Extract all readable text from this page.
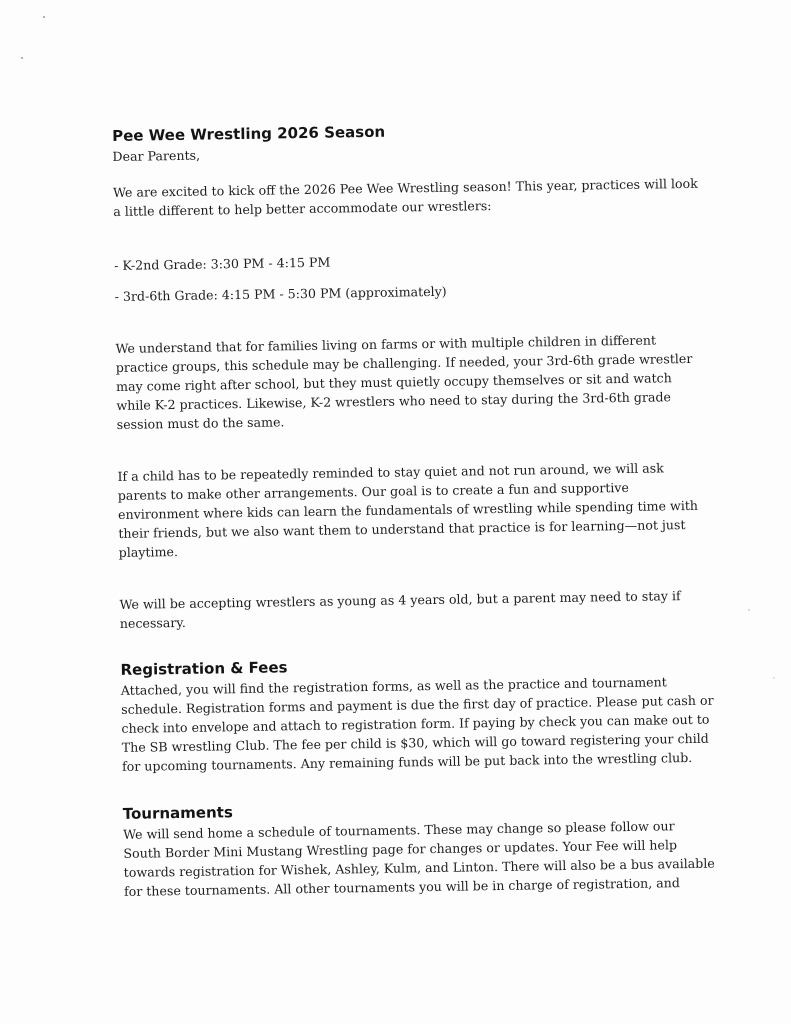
Pee Wee Wrestling 2026 Season

Dear Parents,

We are excited to kick off the 2026 Pee Wee Wrestling season! This year, practices will look
a little different to help better accommodate our wrestlers:

- K-2nd Grade: 3:30 PM - 4:15 PM

- 3rd-6th Grade: 4:15 PM - 5:30 PM (approximately)

We understand that for families living on farms or with multiple children in different
practice groups, this schedule may be challenging. If needed, your 3rd-6th grade wrestler
may come right after school, but they must quietly occupy themselves or sit and watch
while K-2 practices. Likewise, K-2 wrestlers who need to stay during the 3rd-6th grade
session must do the same.

If a child has to be repeatedly reminded to stay quiet and not run around, we will ask
parents to make other arrangements. Our goal is to create a fun and supportive
environment where kids can learn the fundamentals of wrestling while spending time with
their friends, but we also want them to understand that practice is for learning—not just
playtime.

We will be accepting wrestlers as young as 4 years old, but a parent may need to stay if
necessary.

Registration & Fees

Attached, you will find the registration forms, as well as the practice and tournament
schedule. Registration forms and payment is due the first day of practice. Please put cash or
check into envelope and attach to registration form. If paying by check you can make out to
The SB wrestling Club. The fee per child is $30, which will go toward registering your child
for upcoming tournaments. Any remaining funds will be put back into the wrestling club.

Tournaments

We will send home a schedule of tournaments. These may change so please follow our
South Border Mini Mustang Wrestling page for changes or updates. Your Fee will help
towards registration for Wishek, Ashley, Kulm, and Linton. There will also be a bus available
for these tournaments. All other tournaments you will be in charge of registration, and
